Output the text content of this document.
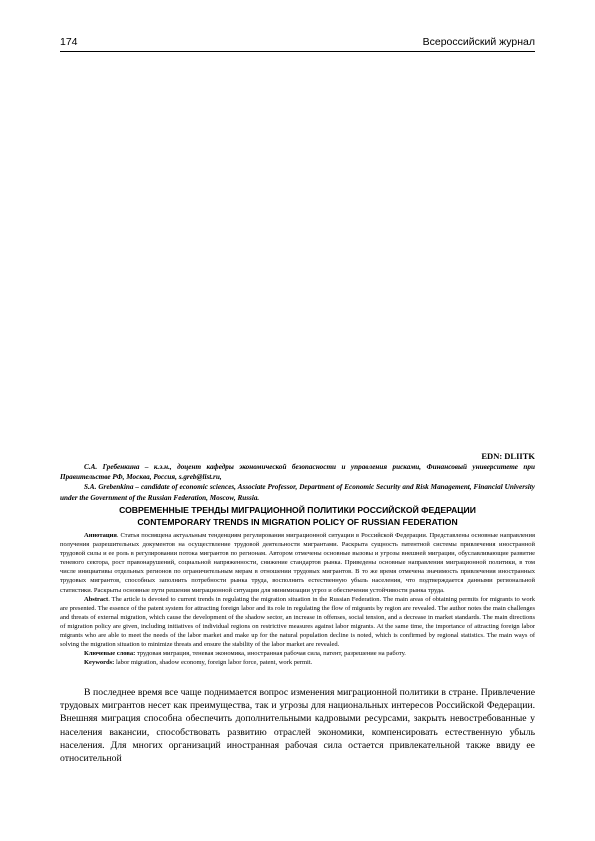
174	Всероссийский журнал
EDN: DLIITK

С.А. Гребенкина – к.э.н., доцент кафедры экономической безопасности и управления рисками, Финансовый университете при Правительстве РФ, Москва, Россия, s.greb@list.ru,

S.A. Grebenkina – candidate of economic sciences, Associate Professor, Department of Economic Security and Risk Management, Financial University under the Government of the Russian Federation, Moscow, Russia.

СОВРЕМЕННЫЕ ТРЕНДЫ МИГРАЦИОННОЙ ПОЛИТИКИ РОССИЙСКОЙ ФЕДЕРАЦИИ
CONTEMPORARY TRENDS IN MIGRATION POLICY OF RUSSIAN FEDERATION

Аннотация. Статья посвящена актуальным тенденциям регулирования миграционной ситуации в Российской Федерации. Представлены основные направления получения разрешительных документов на осуществление трудовой деятельности мигрантами. Раскрыта сущность патентной системы привлечения иностранной трудовой силы и ее роль в регулировании потока мигрантов по регионам. Автором отмечены основные вызовы и угрозы внешней миграции, обуславливающие развитие теневого сектора, рост правонарушений, социальной напряженности, снижение стандартов рынка. Приведены основные направления миграционной политики, в том числе инициативы отдельных регионов по ограничительным мерам в отношении трудовых мигрантов. В то же время отмечена значимость привлечения иностранных трудовых мигрантов, способных заполнить потребности рынка труда, восполнить естественную убыль населения, что подтверждается данными региональной статистики. Раскрыты основные пути решения миграционной ситуации для минимизации угроз и обеспечения устойчивости рынка труда.

Abstract. The article is devoted to current trends in regulating the migration situation in the Russian Federation. The main areas of obtaining permits for migrants to work are presented. The essence of the patent system for attracting foreign labor and its role in regulating the flow of migrants by region are revealed. The author notes the main challenges and threats of external migration, which cause the development of the shadow sector, an increase in offenses, social tension, and a decrease in market standards. The main directions of migration policy are given, including initiatives of individual regions on restrictive measures against labor migrants. At the same time, the importance of attracting foreign labor migrants who are able to meet the needs of the labor market and make up for the natural population decline is noted, which is confirmed by regional statistics. The main ways of solving the migration situation to minimize threats and ensure the stability of the labor market are revealed.

Ключевые слова: трудовая миграция, теневая экономика, иностранная рабочая сила, патент, разрешение на работу.

Keywords: labor migration, shadow economy, foreign labor force, patent, work permit.

В последнее время все чаще поднимается вопрос изменения миграционной политики в стране. Привлечение трудовых мигрантов несет как преимущества, так и угрозы для национальных интересов Российской Федерации. Внешняя миграция способна обеспечить дополнительными кадровыми ресурсами, закрыть невостребованные у населения вакансии, способствовать развитию отраслей экономики, компенсировать естественную убыль населения. Для многих организаций иностранная рабочая сила остается привлекательной также ввиду ее относительной
